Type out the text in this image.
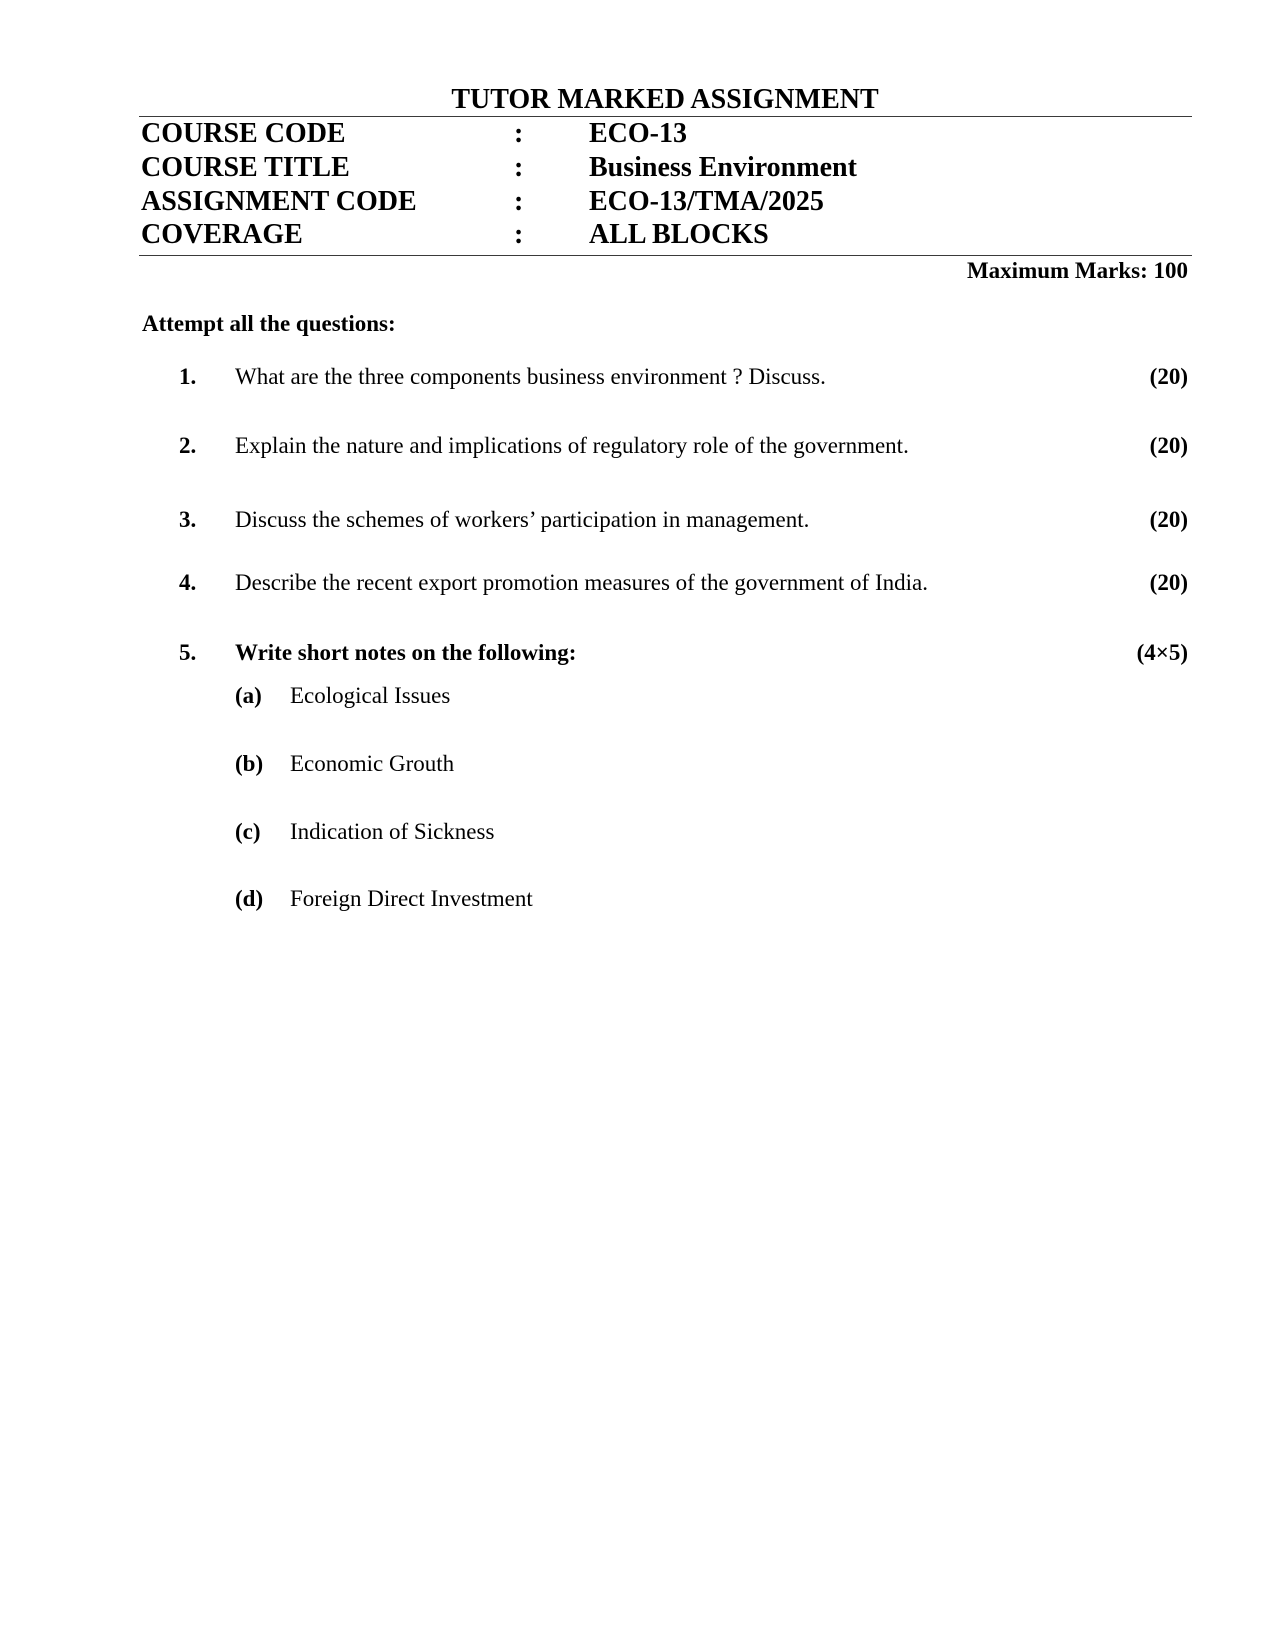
TUTOR MARKED ASSIGNMENT
COURSE CODE	: ECO-13
COURSE TITLE	: Business Environment
ASSIGNMENT CODE	: ECO-13/TMA/2025
COVERAGE	: ALL BLOCKS
Maximum Marks: 100
Attempt all the questions:
1. What are the three components business environment ? Discuss.	(20)
2. Explain the nature and implications of regulatory role of the government.	(20)
3. Discuss the schemes of workers’ participation in management.	(20)
4. Describe the recent export promotion measures of the government of India.	(20)
5. Write short notes on the following:	(4×5)
(a) Ecological Issues
(b) Economic Grouth
(c) Indication of Sickness
(d) Foreign Direct Investment
